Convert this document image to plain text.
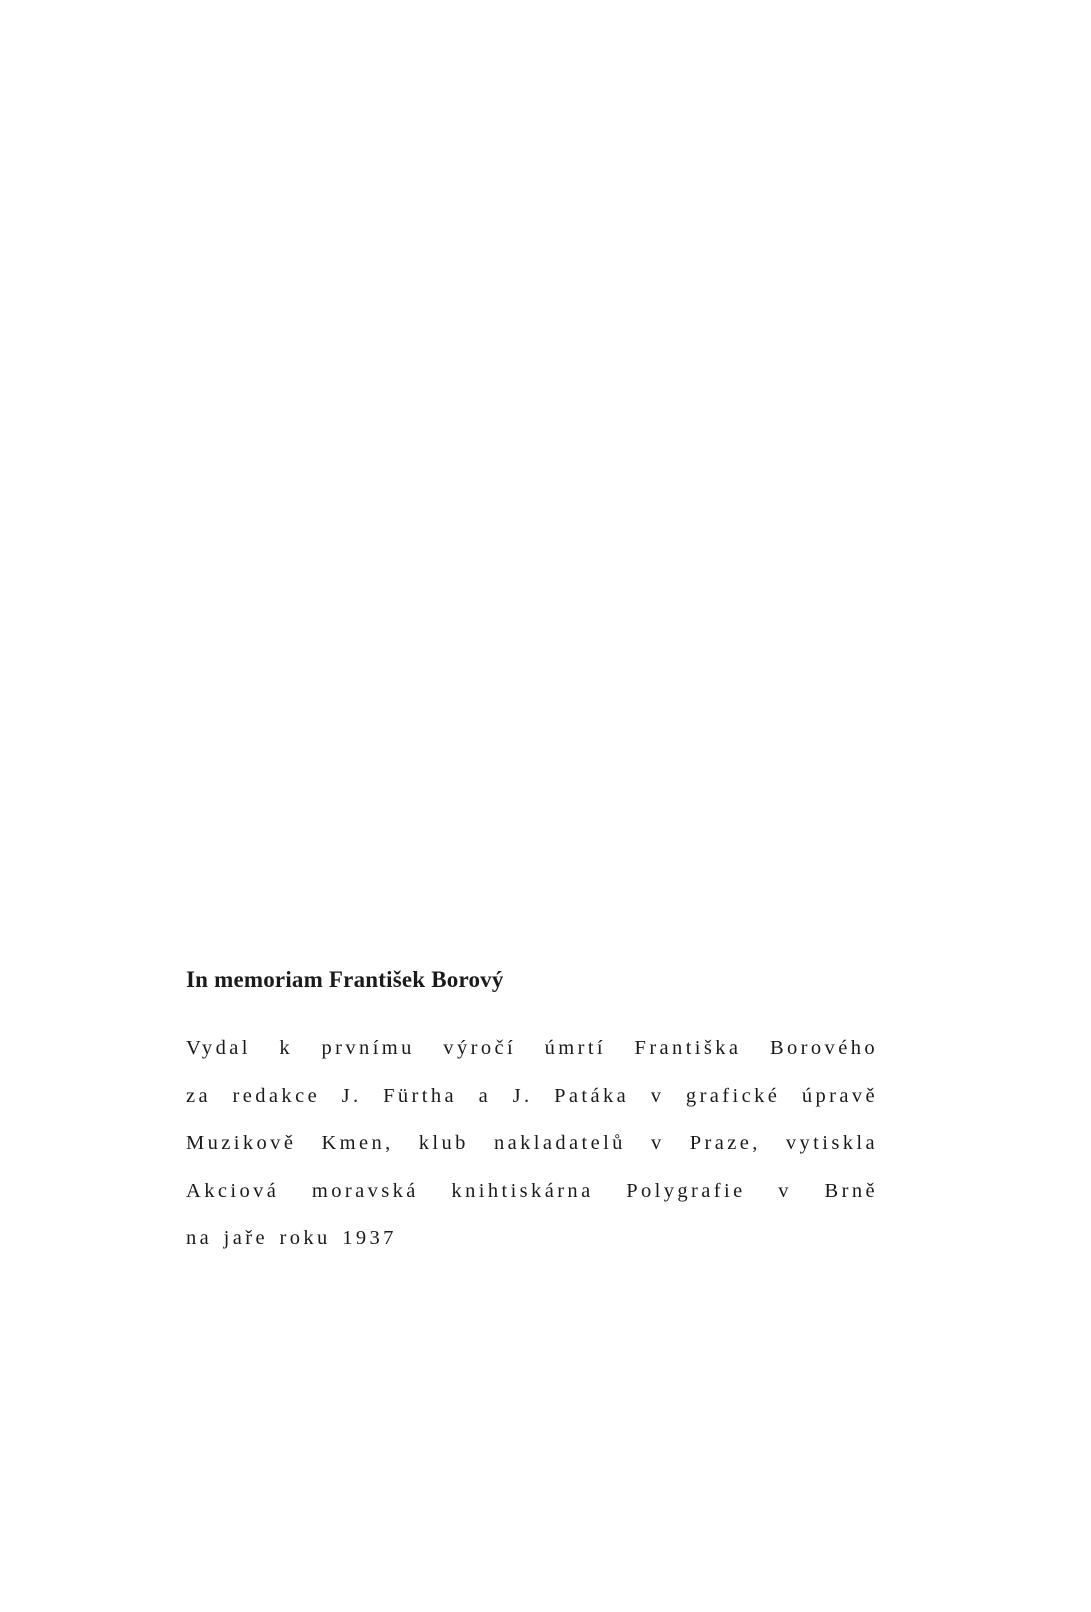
In memoriam František Borový
Vydal k prvnímu výročí úmrtí Františka Borového
za redakce J. Fürtha a J. Patáka v grafické úpravě
Muzikově Kmen, klub nakladatelů v Praze, vytiskla
Akciová moravská knihtiskárna Polygrafie v Brně
na jaře roku 1937
